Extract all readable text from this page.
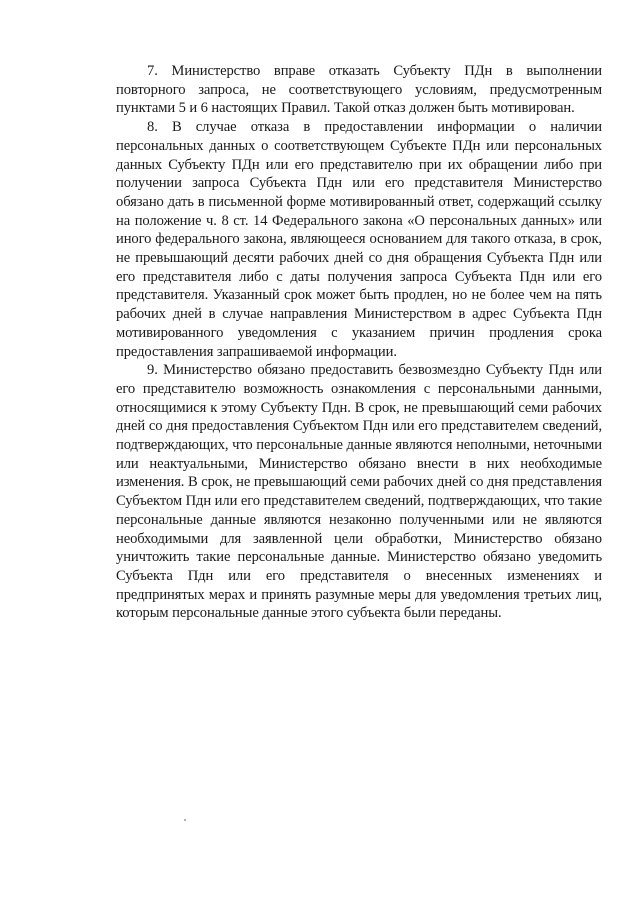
7. Министерство вправе отказать Субъекту ПДн в выполнении повторного запроса, не соответствующего условиям, предусмотренным пунктами 5 и 6 настоящих Правил. Такой отказ должен быть мотивирован.

8. В случае отказа в предоставлении информации о наличии персональных данных о соответствующем Субъекте ПДн или персональных данных Субъекту ПДн или его представителю при их обращении либо при получении запроса Субъекта Пдн или его представителя Министерство обязано дать в письменной форме мотивированный ответ, содержащий ссылку на положение ч. 8 ст. 14 Федерального закона «О персональных данных» или иного федерального закона, являющееся основанием для такого отказа, в срок, не превышающий десяти рабочих дней со дня обращения Субъекта Пдн или его представителя либо с даты получения запроса Субъекта Пдн или его представителя. Указанный срок может быть продлен, но не более чем на пять рабочих дней в случае направления Министерством в адрес Субъекта Пдн мотивированного уведомления с указанием причин продления срока предоставления запрашиваемой информации.

9. Министерство обязано предоставить безвозмездно Субъекту Пдн или его представителю возможность ознакомления с персональными данными, относящимися к этому Субъекту Пдн. В срок, не превышающий семи рабочих дней со дня предоставления Субъектом Пдн или его представителем сведений, подтверждающих, что персональные данные являются неполными, неточными или неактуальными, Министерство обязано внести в них необходимые изменения. В срок, не превышающий семи рабочих дней со дня представления Субъектом Пдн или его представителем сведений, подтверждающих, что такие персональные данные являются незаконно полученными или не являются необходимыми для заявленной цели обработки, Министерство обязано уничтожить такие персональные данные. Министерство обязано уведомить Субъекта Пдн или его представителя о внесенных изменениях и предпринятых мерах и принять разумные меры для уведомления третьих лиц, которым персональные данные этого субъекта были переданы.
